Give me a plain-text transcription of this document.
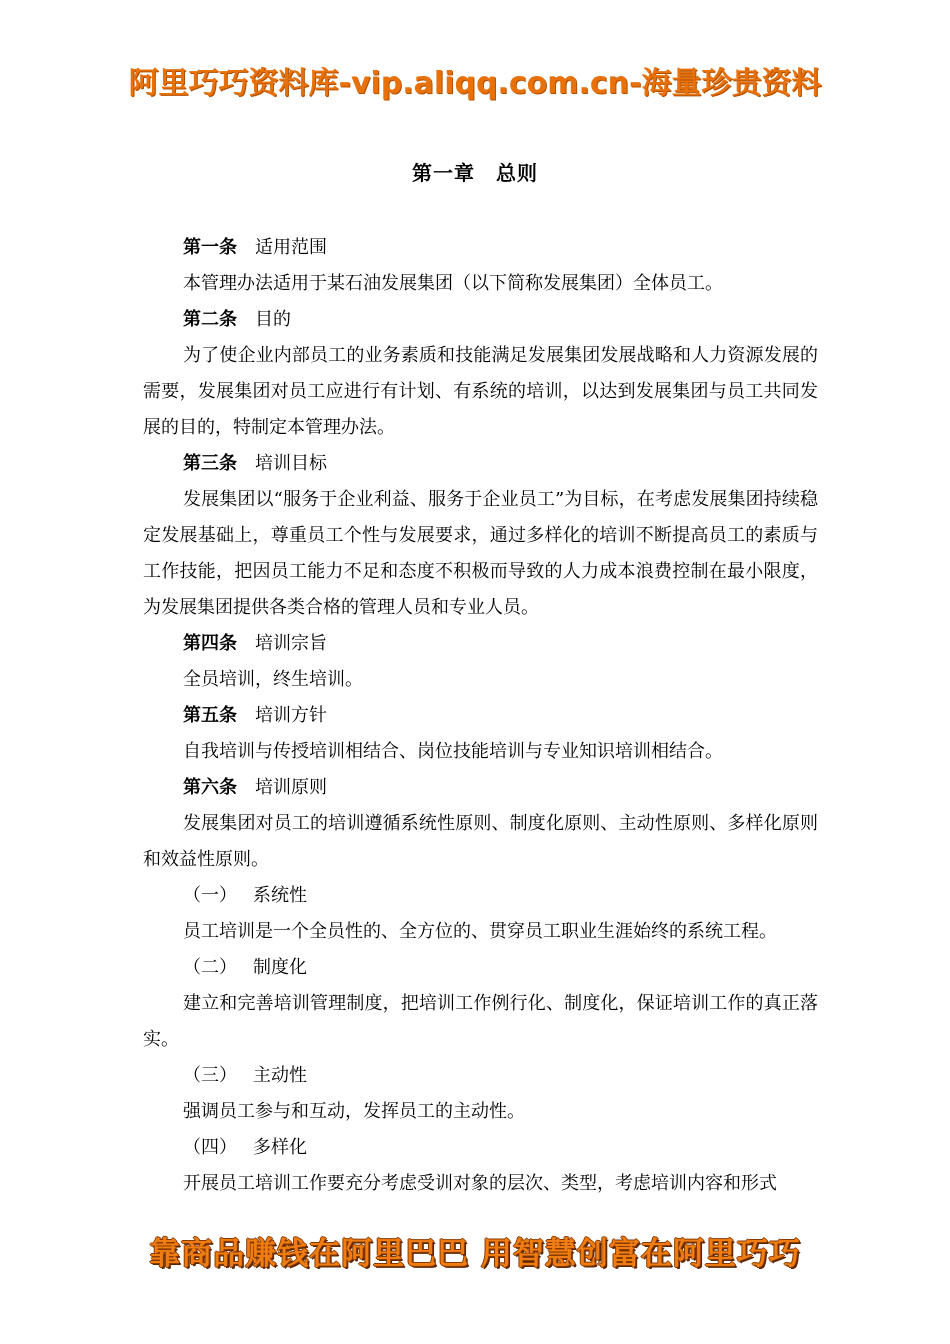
阿里巧巧资料库-vip.aliqq.com.cn-海量珍贵资料
第一章　总则
第一条 适用范围
本管理办法适用于某石油发展集团（以下简称发展集团）全体员工。
第二条 目的
为了使企业内部员工的业务素质和技能满足发展集团发展战略和人力资源发展的需要，发展集团对员工应进行有计划、有系统的培训，以达到发展集团与员工共同发展的目的，特制定本管理办法。
第三条 培训目标
发展集团以“服务于企业利益、服务于企业员工”为目标，在考虑发展集团持续稳定发展基础上，尊重员工个性与发展要求，通过多样化的培训不断提高员工的素质与工作技能，把因员工能力不足和态度不积极而导致的人力成本浪费控制在最小限度，为发展集团提供各类合格的管理人员和专业人员。
第四条 培训宗旨
全员培训，终生培训。
第五条 培训方针
自我培训与传授培训相结合、岗位技能培训与专业知识培训相结合。
第六条 培训原则
发展集团对员工的培训遵循系统性原则、制度化原则、主动性原则、多样化原则和效益性原则。
（一） 系统性
员工培训是一个全员性的、全方位的、贯穿员工职业生涯始终的系统工程。
（二） 制度化
建立和完善培训管理制度，把培训工作例行化、制度化，保证培训工作的真正落实。
（三） 主动性
强调员工参与和互动，发挥员工的主动性。
（四） 多样化
开展员工培训工作要充分考虑受训对象的层次、类型，考虑培训内容和形式
靠商品赚钱在阿里巴巴 用智慧创富在阿里巧巧
